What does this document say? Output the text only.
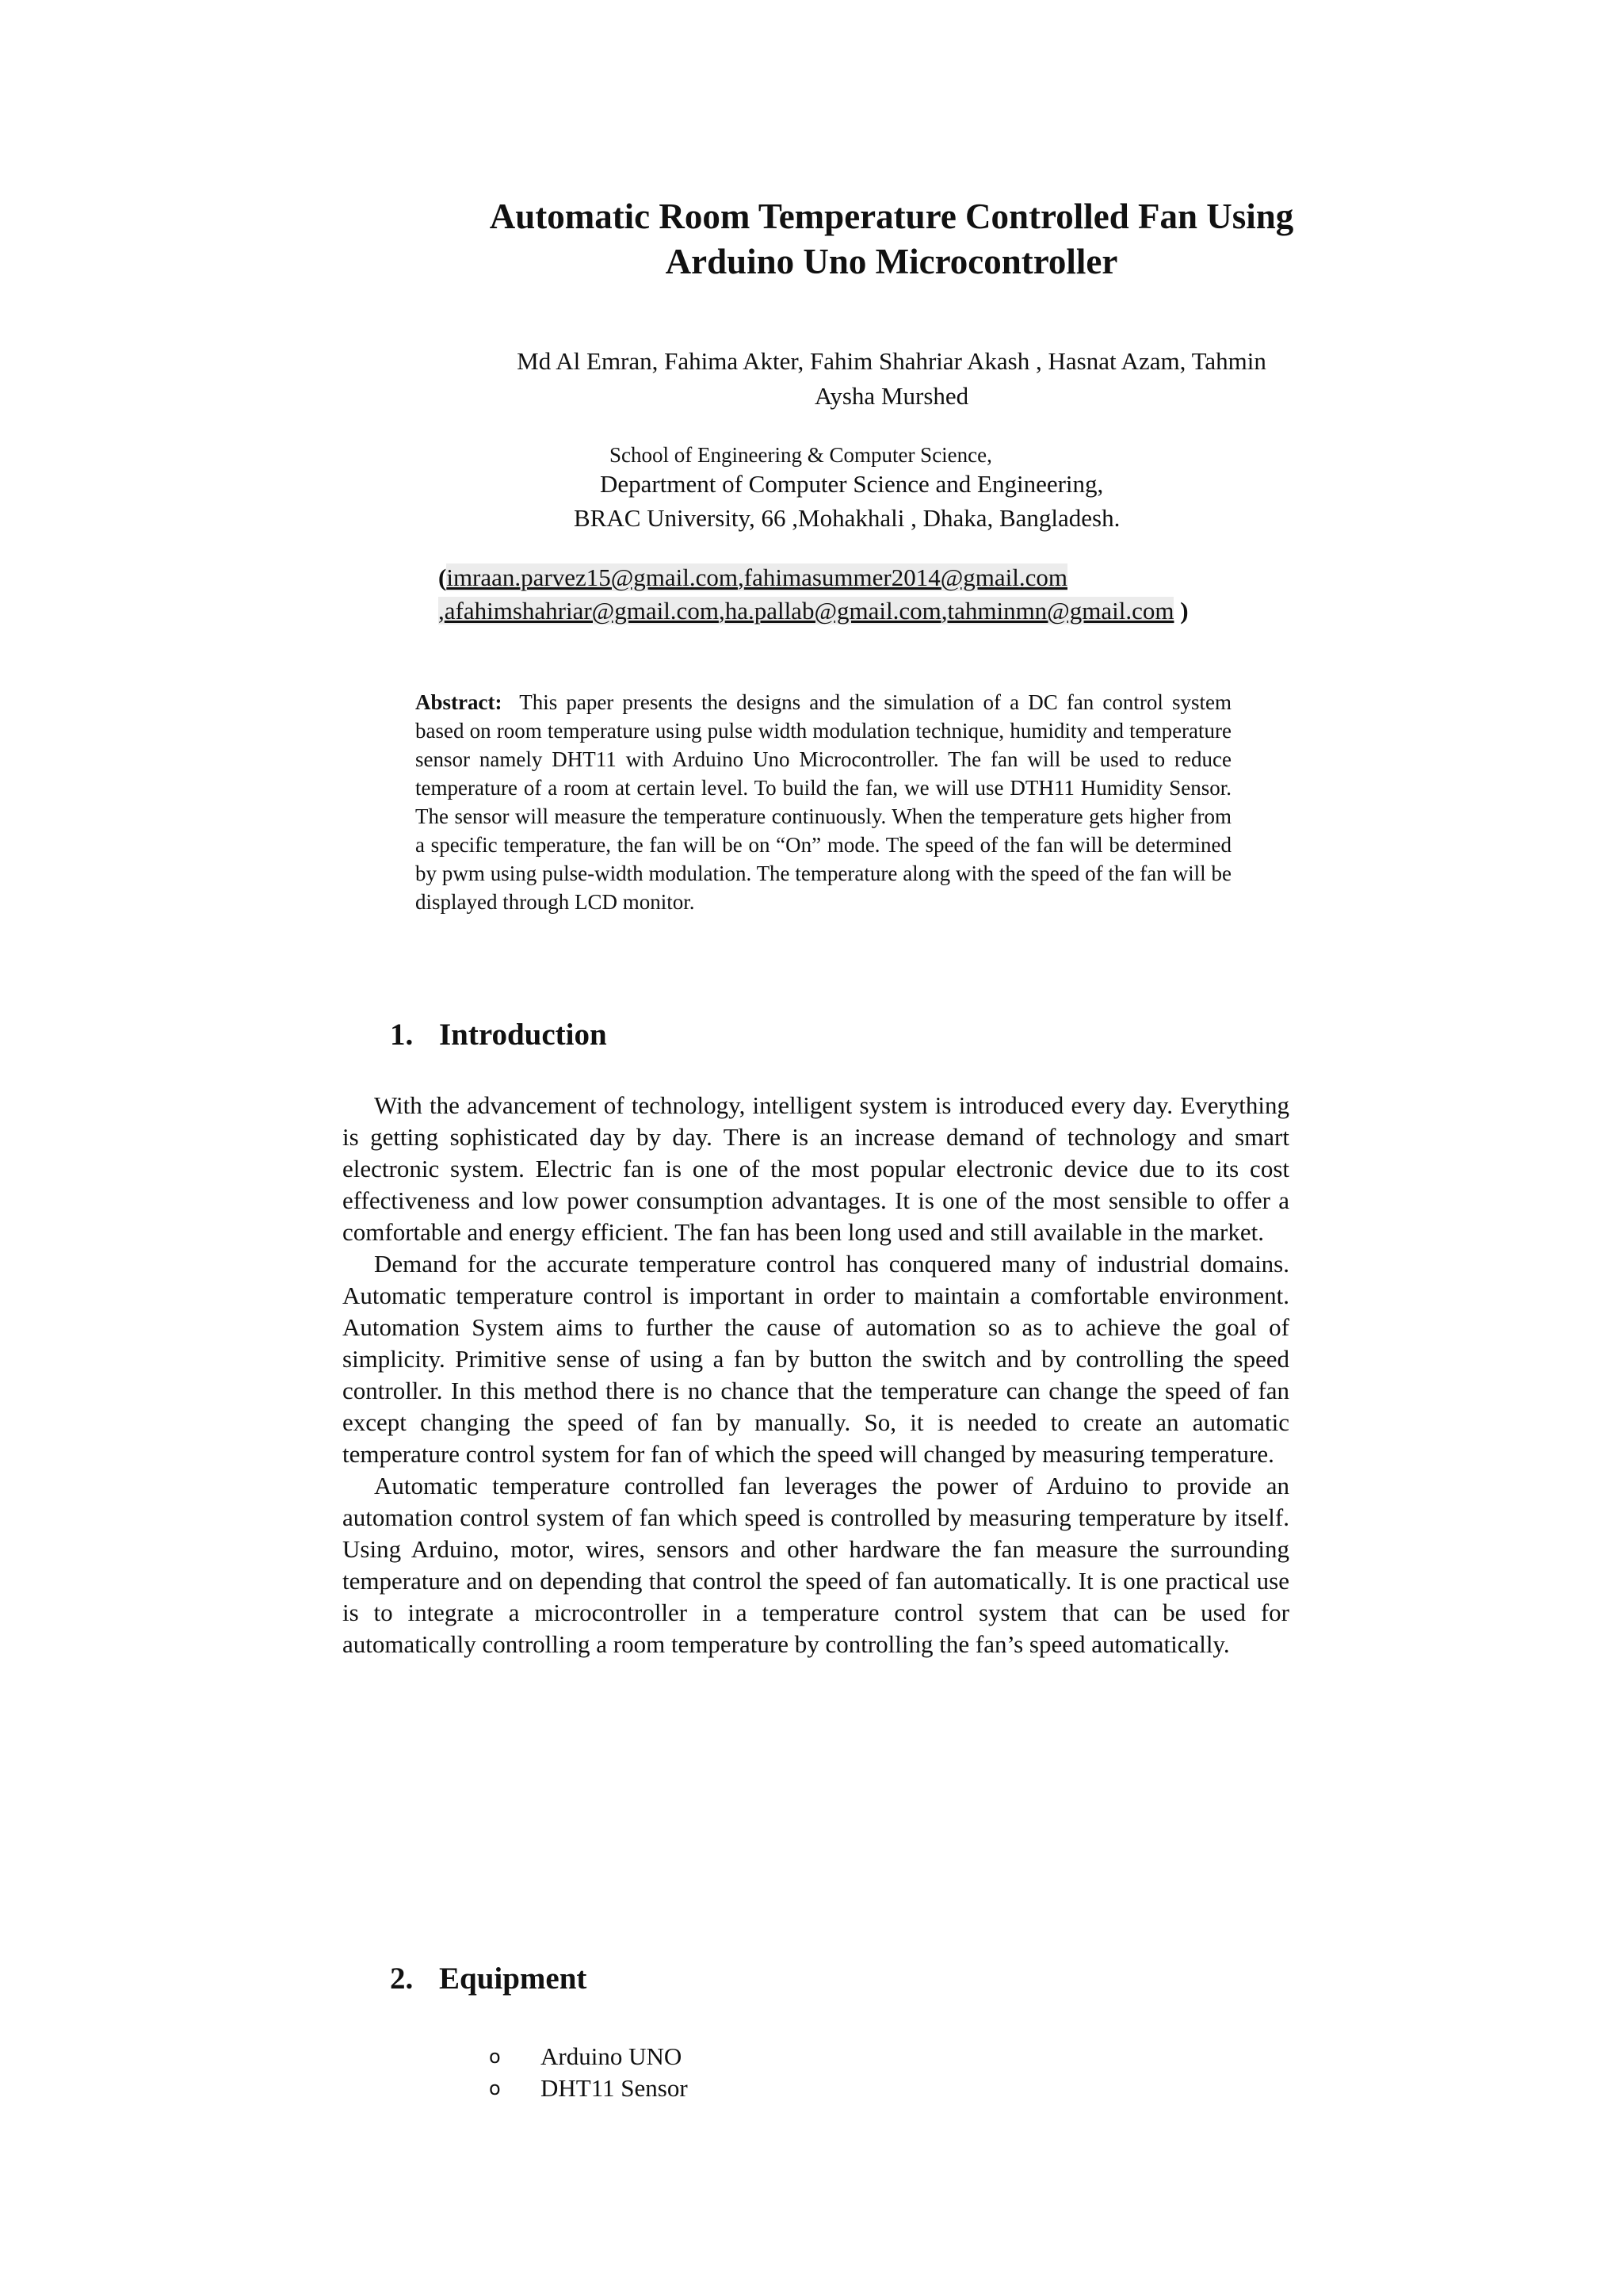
Automatic Room Temperature Controlled Fan Using
Arduino Uno Microcontroller
Md Al Emran, Fahima Akter, Fahim Shahriar Akash , Hasnat Azam, Tahmin
Aysha Murshed
School of Engineering & Computer Science,
Department of Computer Science and Engineering,
BRAC University, 66 ,Mohakhali , Dhaka, Bangladesh.
(imraan.parvez15@gmail.com,fahimasummer2014@gmail.com
,afahimshahriar@gmail.com,ha.pallab@gmail.com,tahminmn@gmail.com )

Abstract: This paper presents the designs and the simulation of a DC fan control system based on room temperature using pulse width modulation technique, humidity and temperature sensor namely DHT11 with Arduino Uno Microcontroller. The fan will be used to reduce temperature of a room at certain level. To build the fan, we will use DTH11 Humidity Sensor. The sensor will measure the temperature continuously. When the temperature gets higher from a specific temperature, the fan will be on “On” mode. The speed of the fan will be determined by pwm using pulse-width modulation. The temperature along with the speed of the fan will be displayed through LCD monitor.

1. Introduction

With the advancement of technology, intelligent system is introduced every day. Everything is getting sophisticated day by day. There is an increase demand of technology and smart electronic system. Electric fan is one of the most popular electronic device due to its cost effectiveness and low power consumption advantages. It is one of the most sensible to offer a comfortable and energy efficient. The fan has been long used and still available in the market.

Demand for the accurate temperature control has conquered many of industrial domains. Automatic temperature control is important in order to maintain a comfortable environment. Automation System aims to further the cause of automation so as to achieve the goal of simplicity. Primitive sense of using a fan by button the switch and by controlling the speed controller. In this method there is no chance that the temperature can change the speed of fan except changing the speed of fan by manually. So, it is needed to create an automatic temperature control system for fan of which the speed will changed by measuring temperature.

Automatic temperature controlled fan leverages the power of Arduino to provide an automation control system of fan which speed is controlled by measuring temperature by itself. Using Arduino, motor, wires, sensors and other hardware the fan measure the surrounding temperature and on depending that control the speed of fan automatically. It is one practical use is to integrate a microcontroller in a temperature control system that can be used for automatically controlling a room temperature by controlling the fan’s speed automatically.

2. Equipment
o	Arduino UNO
o	DHT11 Sensor
